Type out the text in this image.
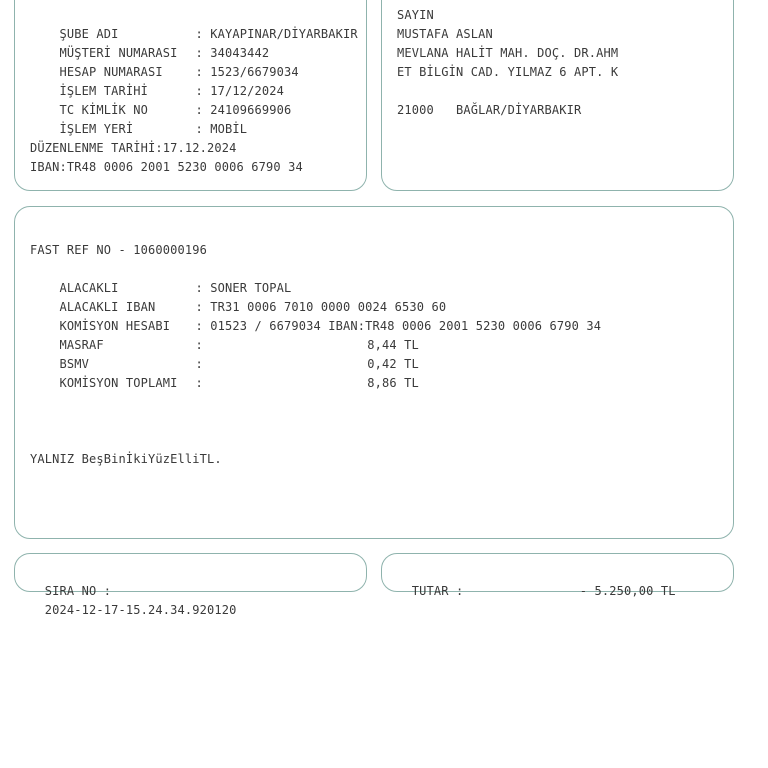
ŞUBE ADI	: KAYAPINAR/DİYARBAKIR

MÜŞTERİ NUMARASI : 34043442

HESAP NUMARASI	: 1523/6679034

İŞLEM TARİHİ	: 17/12/2024

TC KİMLİK NO	: 24109669906

İŞLEM YERİ	: MOBİL

DÜZENLENME TARİHİ:17.12.2024
IBAN:TR48 0006 2001 5230 0006 6790 34
SAYIN
MUSTAFA ASLAN
MEVLANA HALİT MAH. DOÇ. DR.AHM
ET BİLGİN CAD. YILMAZ 6 APT. K
21000   BAĞLAR/DİYARBAKIR
FAST REF NO - 1060000196

ALACAKLI	: SONER TOPAL

ALACAKLI IBAN	: TR31 0006 7010 0000 0024 6530 60

KOMİSYON HESABI : 01523 / 6679034 IBAN:TR48 0006 2001 5230 0006 6790 34

MASRAF	:	8,44 TL

BSMV	:	0,42 TL

KOMİSYON TOPLAMI :	8,86 TL

YALNIZ BeşBinİkiYüzElliTL.

SIRA NO :
2024-12-17-15.24.34.920120

TUTAR :	- 5.250,00 TL
